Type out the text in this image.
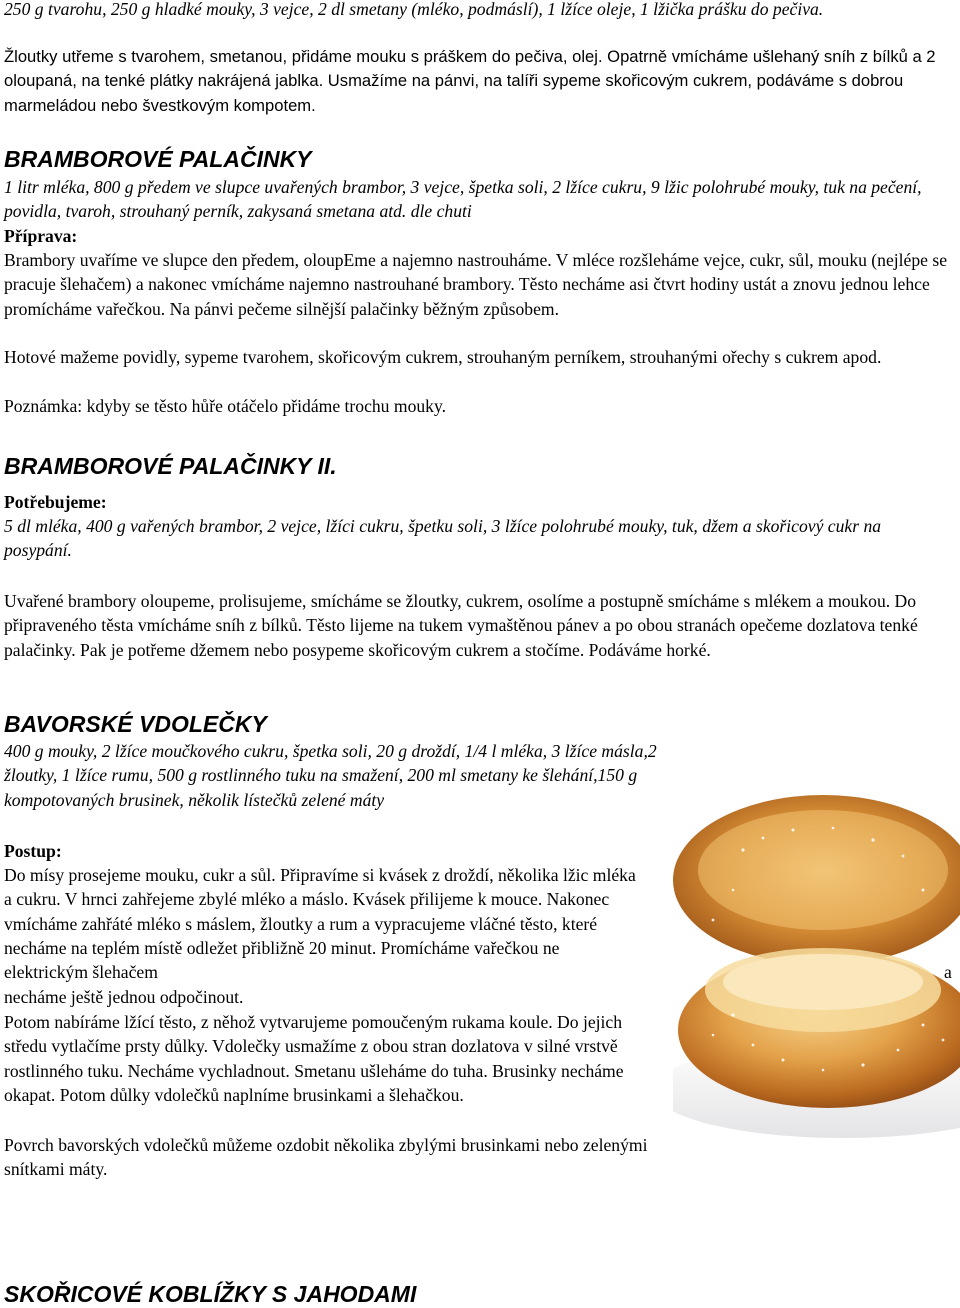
250 g tvarohu, 250 g hladké mouky, 3 vejce, 2 dl smetany (mléko, podmáslí), 1 lžíce oleje, 1 lžička prášku do pečiva.

Žloutky utřeme s tvarohem, smetanou, přidáme mouku s práškem do pečiva, olej. Opatrně vmícháme ušlehaný sníh z bílků a 2 oloupaná, na tenké plátky nakrájená jablka. Usmažíme na pánvi, na talíři sypeme skořicovým cukrem, podáváme s dobrou marmeládou nebo švestkovým kompotem.

BRAMBOROVÉ PALAČINKY

1 litr mléka, 800 g předem ve slupce uvařených brambor, 3 vejce, špetka soli, 2 lžíce cukru, 9 lžic polohrubé mouky, tuk na pečení, povidla, tvaroh, strouhaný perník, zakysaná smetana atd. dle chuti

Příprava:

Brambory uvaříme ve slupce den předem, oloupEme a najemno nastrouháme. V mléce rozšleháme vejce, cukr, sůl, mouku (nejlépe se pracuje šlehačem) a nakonec vmícháme najemno nastrouhané brambory. Těsto necháme asi čtvrt hodiny ustát a znovu jednou lehce promícháme vařečkou. Na pánvi pečeme silnější palačinky běžným způsobem.

Hotové mažeme povidly, sypeme tvarohem, skořicovým cukrem, strouhaným perníkem, strouhanými ořechy s cukrem apod.

Poznámka: kdyby se těsto hůře otáčelo přidáme trochu mouky.

BRAMBOROVÉ PALAČINKY II.

Potřebujeme:

5 dl mléka, 400 g vařených brambor, 2 vejce, lžíci cukru, špetku soli, 3 lžíce polohrubé mouky, tuk, džem a skořicový cukr na posypání.

Uvařené brambory oloupeme, prolisujeme, smícháme se žloutky, cukrem, osolíme a postupně smícháme s mlékem a moukou. Do připraveného těsta vmícháme sníh z bílků. Těsto lijeme na tukem vymaštěnou pánev a po obou stranách opečeme dozlatova tenké palačinky. Pak je potřeme džemem nebo posypeme skořicovým cukrem a stočíme. Podáváme horké.

BAVORSKÉ VDOLEČKY

400 g mouky, 2 lžíce moučkového cukru, špetka soli, 20 g droždí, 1/4 l mléka, 3 lžíce másla,2 žloutky, 1 lžíce rumu, 500 g rostlinného tuku na smažení, 200 ml smetany ke šlehání,150 g kompotovaných brusinek, několik lístečků zelené máty

Postup:

Do mísy prosejeme mouku, cukr a sůl. Připravíme si kvásek z droždí, několika lžic mléka a cukru. V hrnci zahřejeme zbylé mléko a máslo. Kvásek přilijeme k mouce. Nakonec vmícháme zahřáté mléko s máslem, žloutky a rum a vypracujeme vláčné těsto, které necháme na teplém místě odležet přibližně 20 minut. Promícháme vařečkou ne elektrickým šlehačem	a

necháme ještě jednou odpočinout.

Potom nabíráme lžící těsto, z něhož vytvarujeme pomoučeným rukama koule. Do jejich středu vytlačíme prsty důlky. Vdolečky usmažíme z obou stran dozlatova v silné vrstvě rostlinného tuku. Necháme vychladnout. Smetanu ušleháme do tuha. Brusinky necháme okapat. Potom důlky vdolečků naplníme brusinkami a šlehačkou.

Povrch bavorských vdolečků můžeme ozdobit několika zbylými brusinkami nebo zelenými snítkami máty.

SKOŘICOVÉ KOBLÍŽKY S JAHODAMI
